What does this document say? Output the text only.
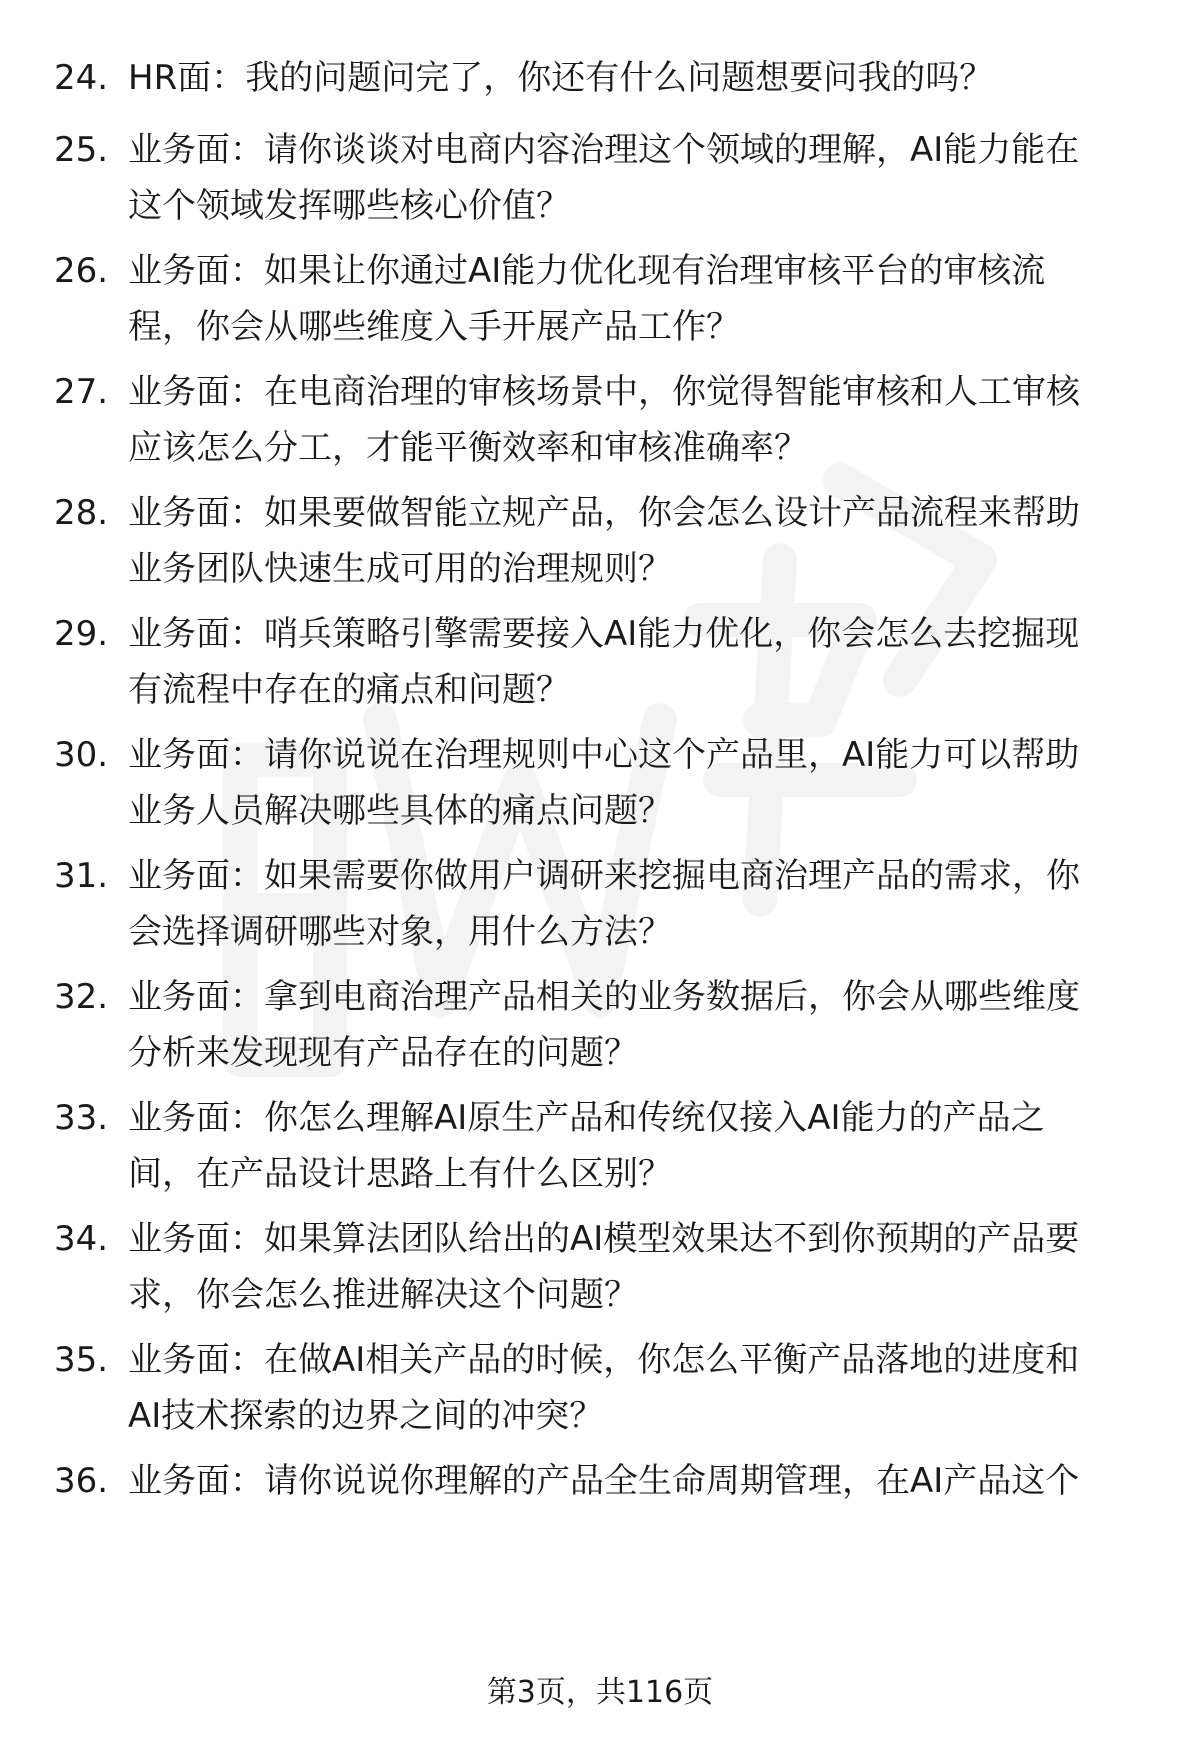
24. HR面：我的问题问完了，你还有什么问题想要问我的吗？
25. 业务面：请你谈谈对电商内容治理这个领域的理解，AI能力能在
这个领域发挥哪些核心价值？
26. 业务面：如果让你通过AI能力优化现有治理审核平台的审核流
程，你会从哪些维度入手开展产品工作？
27. 业务面：在电商治理的审核场景中，你觉得智能审核和人工审核
应该怎么分工，才能平衡效率和审核准确率？
28. 业务面：如果要做智能立规产品，你会怎么设计产品流程来帮助
业务团队快速生成可用的治理规则？
29. 业务面：哨兵策略引擎需要接入AI能力优化，你会怎么去挖掘现
有流程中存在的痛点和问题？
30. 业务面：请你说说在治理规则中心这个产品里，AI能力可以帮助
业务人员解决哪些具体的痛点问题？
31. 业务面：如果需要你做用户调研来挖掘电商治理产品的需求，你
会选择调研哪些对象，用什么方法？
32. 业务面：拿到电商治理产品相关的业务数据后，你会从哪些维度
分析来发现现有产品存在的问题？
33. 业务面：你怎么理解AI原生产品和传统仅接入AI能力的产品之
间，在产品设计思路上有什么区别？
34. 业务面：如果算法团队给出的AI模型效果达不到你预期的产品要
求，你会怎么推进解决这个问题？
35. 业务面：在做AI相关产品的时候，你怎么平衡产品落地的进度和
AI技术探索的边界之间的冲突？
36. 业务面：请你说说你理解的产品全生命周期管理，在AI产品这个
第3页，共116页
